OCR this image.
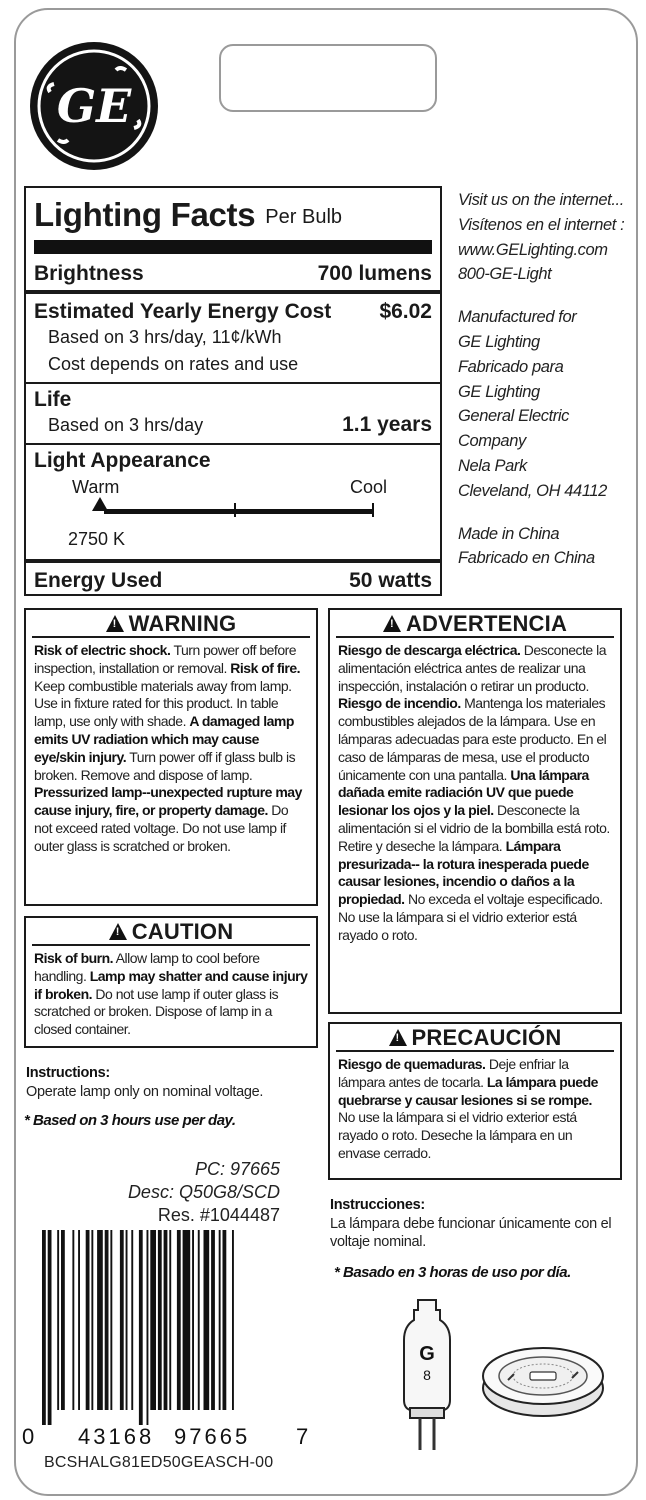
GE
Lighting Facts Per Bulb
Brightness	700 lumens
Estimated Yearly Energy Cost $6.02
Based on 3 hrs/day, 11¢/kWh
Cost depends on rates and use
Life
Based on 3 hrs/day	1.1 years
Light Appearance
Warm	Cool
2750 K
Energy Used	50 watts
Visit us on the internet...
Visítenos en el internet :
www.GELighting.com
800-GE-Light
Manufactured for
GE Lighting
Fabricado para
GE Lighting
General Electric
Company
Nela Park
Cleveland, OH 44112
Made in China
Fabricado en China
!WARNING
Risk of electric shock. Turn power off before inspection, installation or removal. Risk of fire. Keep combustible materials away from lamp. Use in fixture rated for this product. In table lamp, use only with shade. A damaged lamp emits UV radiation which may cause eye/skin injury. Turn power off if glass bulb is broken. Remove and dispose of lamp. Pressurized lamp--unexpected rupture may cause injury, fire, or property damage. Do not exceed rated voltage. Do not use lamp if outer glass is scratched or broken.
!CAUTION
Risk of burn. Allow lamp to cool before handling. Lamp may shatter and cause injury if broken. Do not use lamp if outer glass is scratched or broken. Dispose of lamp in a closed container.
Instructions:
Operate lamp only on nominal voltage.
* Based on 3 hours use per day.
!ADVERTENCIA
Riesgo de descarga eléctrica. Desconecte la alimentación eléctrica antes de realizar una inspección, instalación o retirar un producto. Riesgo de incendio. Mantenga los materiales combustibles alejados de la lámpara. Use en lámparas adecuadas para este producto. En el caso de lámparas de mesa, use el producto únicamente con una pantalla. Una lámpara dañada emite radiación UV que puede lesionar los ojos y la piel. Desconecte la alimentación si el vidrio de la bombilla está roto. Retire y deseche la lámpara. Lámpara presurizada-- la rotura inesperada puede causar lesiones, incendio o daños a la propiedad. No exceda el voltaje especificado. No use la lámpara si el vidrio exterior está rayado o roto.
!PRECAUCIÓN
Riesgo de quemaduras. Deje enfriar la lámpara antes de tocarla. La lámpara puede quebrarse y causar lesiones si se rompe. No use la lámpara si el vidrio exterior está rayado o roto. Deseche la lámpara en un envase cerrado.
Instrucciones:
La lámpara debe funcionar únicamente con el voltaje nominal.
* Basado en 3 horas de uso por día.
PC: 97665
Desc: Q50G8/SCD
Res. #1044487
0 43168 97665 7
BCSHALG81ED50GEASCH-00
G
8
